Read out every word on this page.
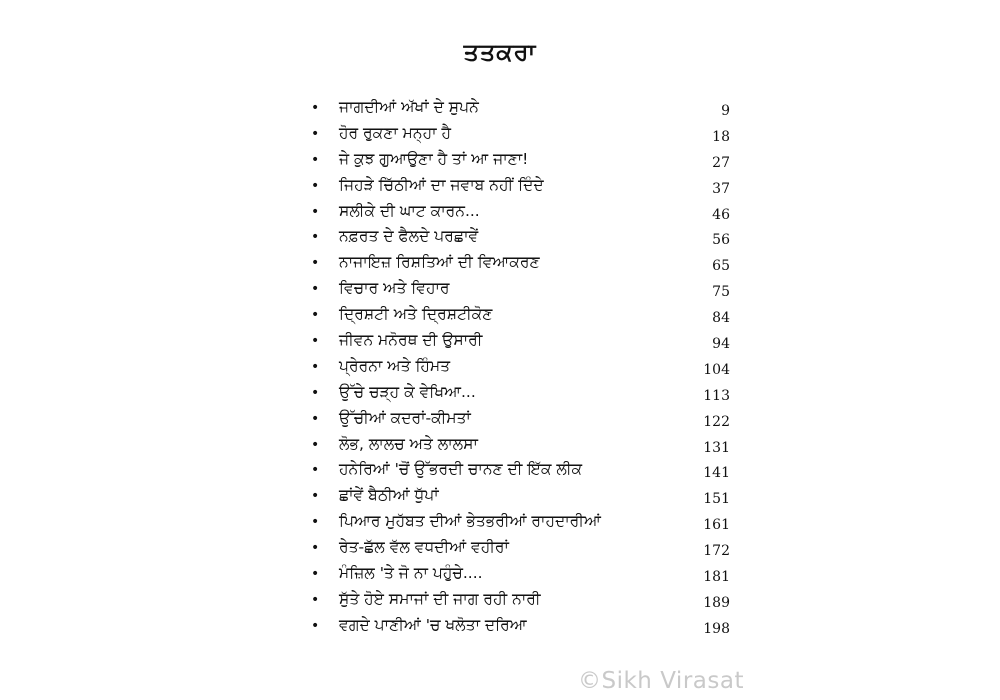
ਤਤਕਰਾ
• ਜਾਗਦੀਆਂ ਅੱਖਾਂ ਦੇ ਸੁਪਨੇ	9
• ਹੋਰ ਰੁਕਣਾ ਮਨ੍ਹਾ ਹੈ	18
• ਜੇ ਕੁਝ ਗੁਆਉਣਾ ਹੈ ਤਾਂ ਆ ਜਾਣਾ!	27
• ਜਿਹੜੇ ਚਿੱਠੀਆਂ ਦਾ ਜਵਾਬ ਨਹੀਂ ਦਿੰਦੇ	37
• ਸਲੀਕੇ ਦੀ ਘਾਟ ਕਾਰਨ...	46
• ਨਫ਼ਰਤ ਦੇ ਫੈਲਦੇ ਪਰਛਾਵੇਂ	56
• ਨਾਜਾਇਜ਼ ਰਿਸ਼ਤਿਆਂ ਦੀ ਵਿਆਕਰਣ	65
• ਵਿਚਾਰ ਅਤੇ ਵਿਹਾਰ	75
• ਦ੍ਰਿਸ਼ਟੀ ਅਤੇ ਦ੍ਰਿਸ਼ਟੀਕੋਣ	84
• ਜੀਵਨ ਮਨੋਰਥ ਦੀ ਉਸਾਰੀ	94
• ਪ੍ਰੇਰਨਾ ਅਤੇ ਹਿੰਮਤ	104
• ਉੱਚੇ ਚੜ੍ਹ ਕੇ ਵੇਖਿਆ...	113
• ਉੱਚੀਆਂ ਕਦਰਾਂ-ਕੀਮਤਾਂ	122
• ਲੋਭ, ਲਾਲਚ ਅਤੇ ਲਾਲਸਾ	131
• ਹਨੇਰਿਆਂ 'ਚੋਂ ਉੱਭਰਦੀ ਚਾਨਣ ਦੀ ਇੱਕ ਲੀਕ	141
• ਛਾਂਵੇਂ ਬੈਠੀਆਂ ਧੁੱਪਾਂ	151
• ਪਿਆਰ ਮੁਹੱਬਤ ਦੀਆਂ ਭੇਤਭਰੀਆਂ ਰਾਹਦਾਰੀਆਂ	161
• ਰੇਤ-ਛੱਲ ਵੱਲ ਵਧਦੀਆਂ ਵਹੀਰਾਂ	172
• ਮੰਜ਼ਿਲ 'ਤੇ ਜੋ ਨਾ ਪਹੁੰਚੇ....	181
• ਸੁੱਤੇ ਹੋਏ ਸਮਾਜਾਂ ਦੀ ਜਾਗ ਰਹੀ ਨਾਰੀ	189
• ਵਗਦੇ ਪਾਣੀਆਂ 'ਚ ਖਲੋਤਾ ਦਰਿਆ	198
©Sikh Virasat
